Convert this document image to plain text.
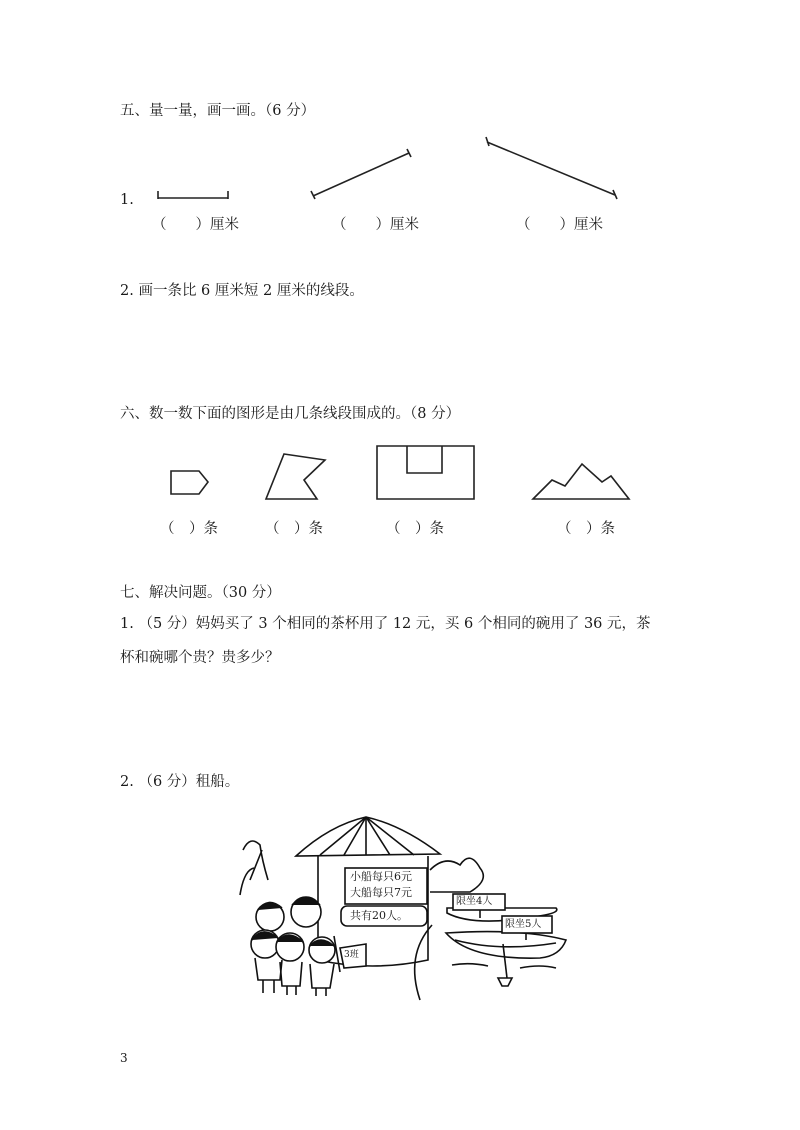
五、量一量，画一画。（6 分）
1.
（　　）厘米	（　　）厘米	（　　）厘米
2. 画一条比 6 厘米短 2 厘米的线段。
六、数一数下面的图形是由几条线段围成的。（8 分）
（　）条	（　）条	（　）条	（　）条
七、解决问题。（30 分）
1. （5 分）妈妈买了 3 个相同的茶杯用了 12 元，买 6 个相同的碗用了 36 元，茶
杯和碗哪个贵？贵多少？
2. （6 分）租船。
小船每只6元
大船每只7元
共有20人。
限坐4人
限坐5人
3班
3
